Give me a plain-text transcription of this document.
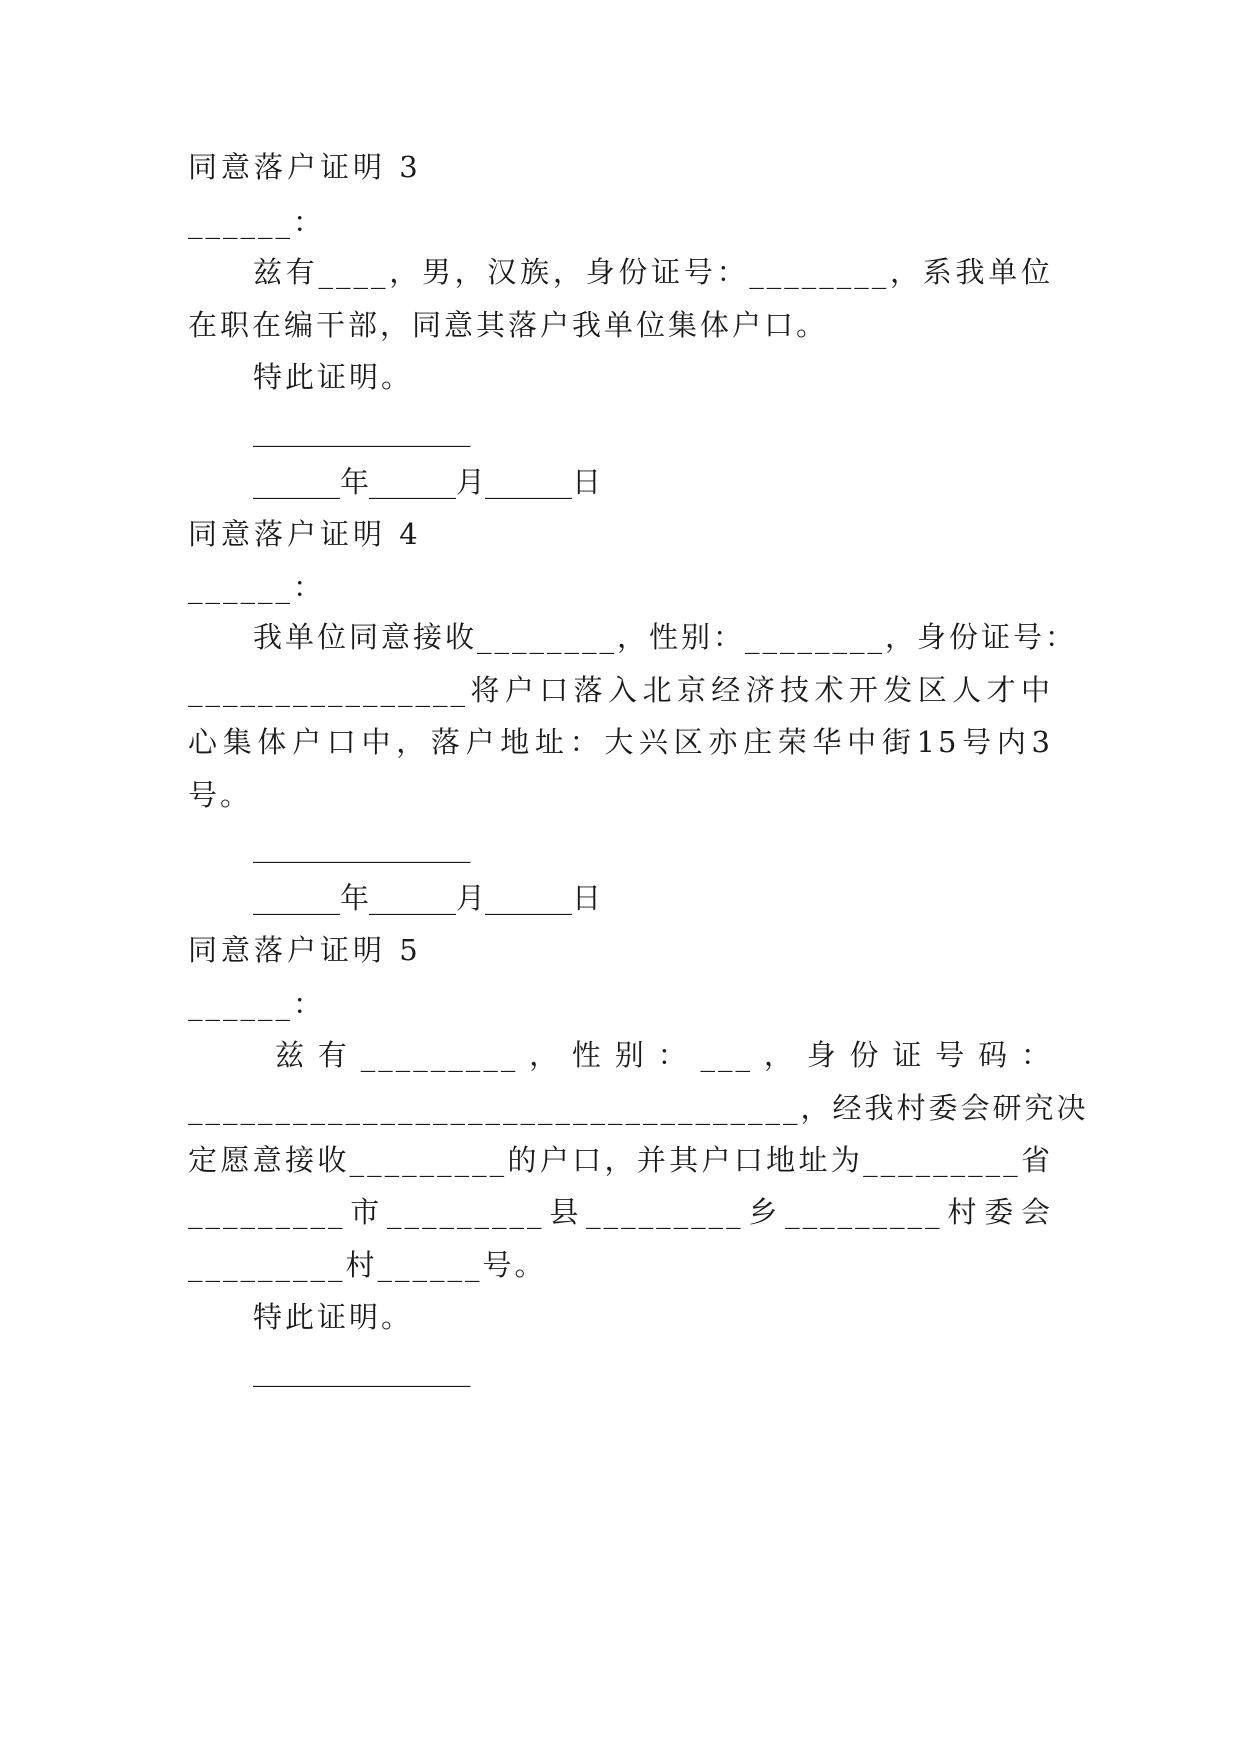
同意落户证明 3
______：
兹有____，男，汉族，身份证号：________，系我单位
在职在编干部，同意其落户我单位集体户口。
特此证明。
_______________
______年______月______日
同意落户证明 4
______：
我单位同意接收________，性别：________，身份证号：
________________将户口落入北京经济技术开发区人才中
心集体户口中，落户地址：大兴区亦庄荣华中街15号内3
号。
_______________
______年______月______日
同意落户证明 5
______：
兹有_________，性别：___，身份证号码：
___________________________________，经我村委会研究决
定愿意接收_________的户口，并其户口地址为_________省
_________市_________县_________乡_________村委会
_________村______号。
特此证明。
_______________
